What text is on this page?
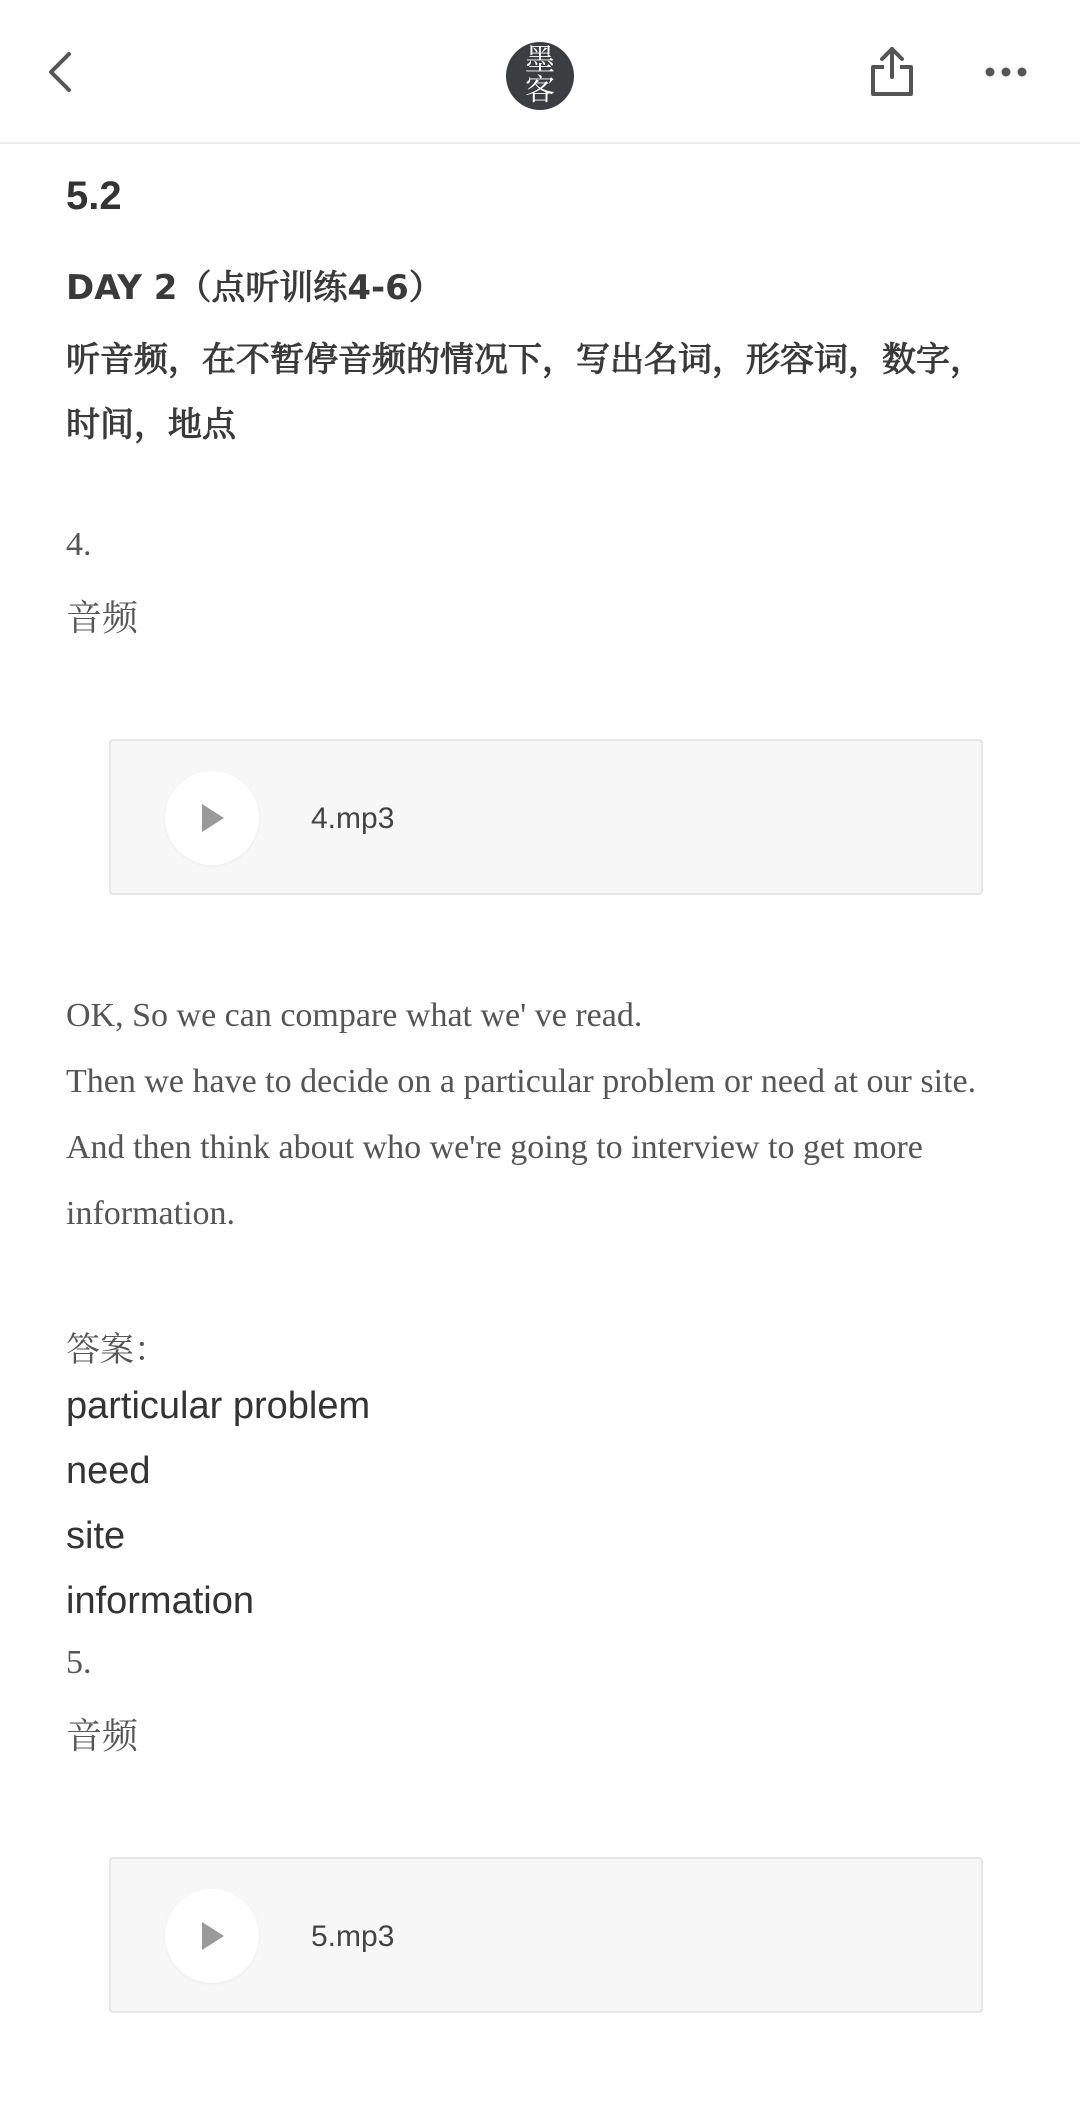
墨
客
5.2
DAY 2（点听训练4-6）

听音频，在不暂停音频的情况下，写出名词，形容词，数字，时间，地点

4.
音频
4.mp3

OK, So we can compare what we' ve read.

Then we have to decide on a particular problem or need at our site.

And then think about who we're going to interview to get more information.

答案：
particular problem
need
site
information
5.
音频
5.mp3
